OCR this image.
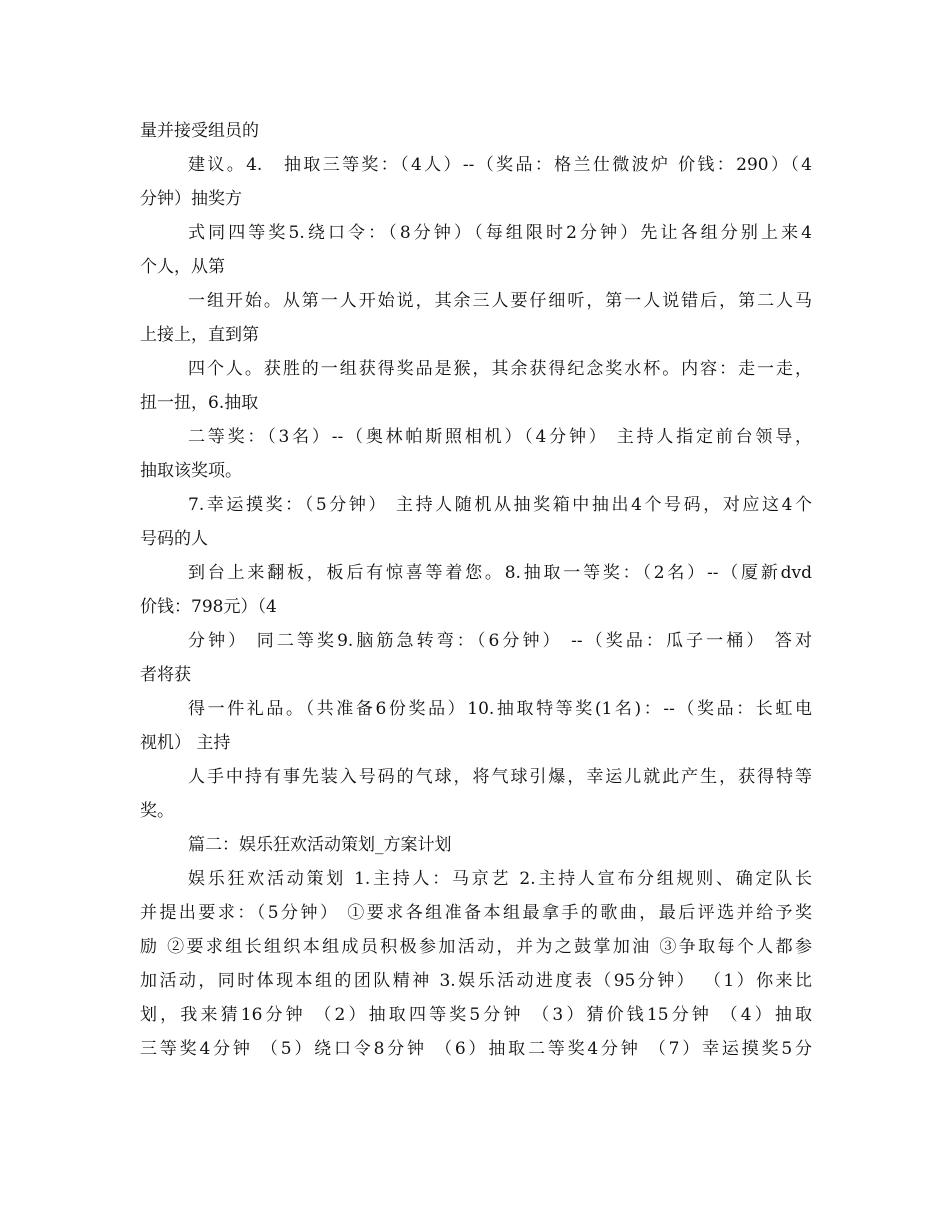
量并接受组员的
建议。4.　抽取三等奖：（4人）--（奖品：格兰仕微波炉 价钱：290）（4
分钟）抽奖方
式同四等奖5.绕口令：（8分钟）（每组限时2分钟）先让各组分别上来4
个人，从第
一组开始。从第一人开始说，其余三人要仔细听，第一人说错后，第二人马
上接上，直到第
四个人。获胜的一组获得奖品是猴，其余获得纪念奖水杯。内容：走一走，
扭一扭，6.抽取
二等奖：（3名）--（奥林帕斯照相机）（4分钟） 主持人指定前台领导，
抽取该奖项。
7.幸运摸奖：（5分钟） 主持人随机从抽奖箱中抽出4个号码，对应这4个
号码的人
到台上来翻板，板后有惊喜等着您。8.抽取一等奖：（2名）--（厦新dvd
价钱：798元）（4
分钟） 同二等奖9.脑筋急转弯：（6分钟） --（奖品：瓜子一桶） 答对
者将获
得一件礼品。（共准备6份奖品）10.抽取特等奖(1名)：--（奖品：长虹电
视机） 主持
人手中持有事先装入号码的气球，将气球引爆，幸运儿就此产生，获得特等
奖。
篇二：娱乐狂欢活动策划_方案计划
娱乐狂欢活动策划 1.主持人：马京艺 2.主持人宣布分组规则、确定队长
并提出要求：（5分钟） ①要求各组准备本组最拿手的歌曲，最后评选并给予奖
励 ②要求组长组织本组成员积极参加活动，并为之鼓掌加油 ③争取每个人都参
加活动，同时体现本组的团队精神 3.娱乐活动进度表（95分钟） （1）你来比
划，我来猜16分钟 （2）抽取四等奖5分钟 （3）猜价钱15分钟 （4）抽取
三等奖4分钟 （5）绕口令8分钟 （6）抽取二等奖4分钟 （7）幸运摸奖5分
